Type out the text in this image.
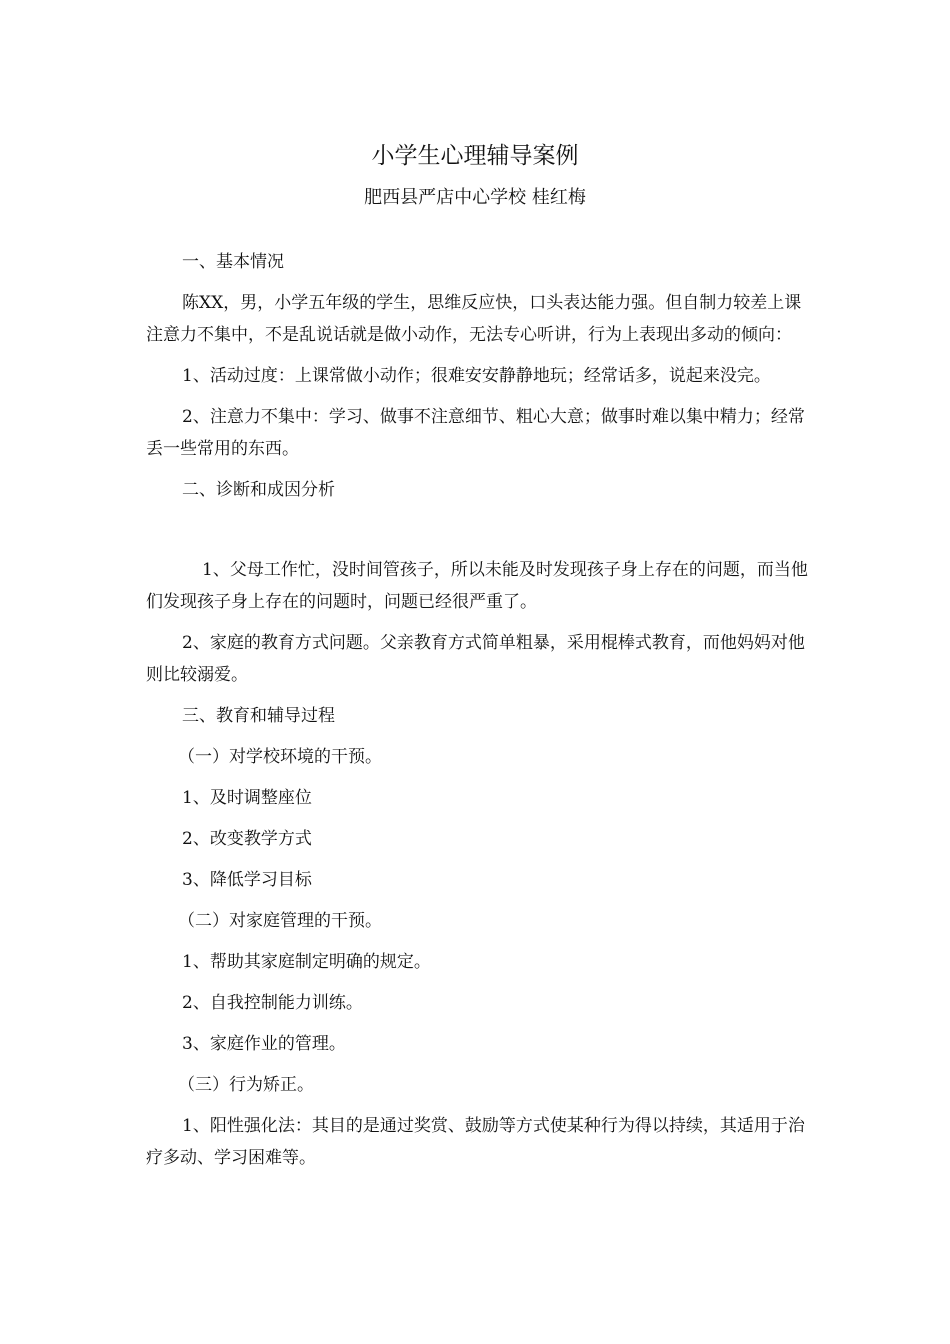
小学生心理辅导案例
肥西县严店中心学校 桂红梅

一、基本情况

陈XX，男，小学五年级的学生，思维反应快，口头表达能力强。但自制力较差上课注意力不集中，不是乱说话就是做小动作，无法专心听讲，行为上表现出多动的倾向：

1、活动过度：上课常做小动作；很难安安静静地玩；经常话多，说起来没完。

2、注意力不集中：学习、做事不注意细节、粗心大意；做事时难以集中精力；经常丢一些常用的东西。

二、诊断和成因分析

1、父母工作忙，没时间管孩子，所以未能及时发现孩子身上存在的问题，而当他们发现孩子身上存在的问题时，问题已经很严重了。

2、家庭的教育方式问题。父亲教育方式简单粗暴，采用棍棒式教育，而他妈妈对他则比较溺爱。

三、教育和辅导过程

（一）对学校环境的干预。

1、及时调整座位

2、改变教学方式

3、降低学习目标

（二）对家庭管理的干预。

1、帮助其家庭制定明确的规定。

2、自我控制能力训练。

3、家庭作业的管理。

（三）行为矫正。

1、阳性强化法：其目的是通过奖赏、鼓励等方式使某种行为得以持续，其适用于治疗多动、学习困难等。
